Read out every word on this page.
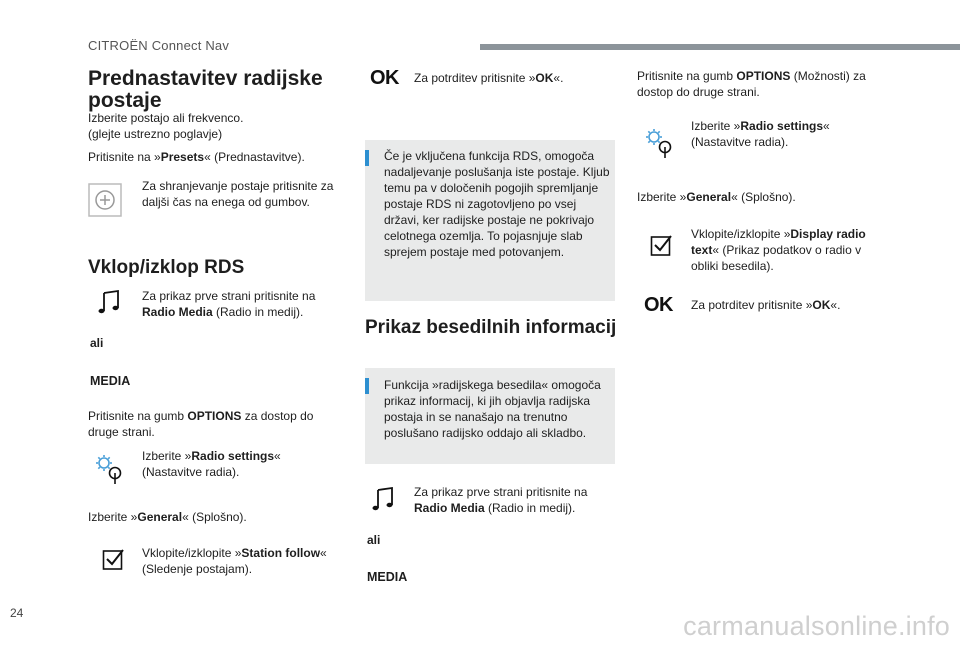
CITROËN Connect Nav
24	carmanualsonline.info
Prednastavitev radijske
postaje
Izberite postajo ali frekvenco.
(glejte ustrezno poglavje)
Pritisnite na »Presets« (Prednastavitve).
Za shranjevanje postaje pritisnite za
daljši čas na enega od gumbov.
Vklop/izklop RDS
Za prikaz prve strani pritisnite na
Radio Media (Radio in medij).
ali
MEDIA
Pritisnite na gumb OPTIONS za dostop do
druge strani.
Izberite »Radio settings«
(Nastavitve radia).
Izberite »General« (Splošno).
Vklopite/izklopite »Station follow«
(Sledenje postajam).
OK Za potrditev pritisnite »OK«.
Če je vključena funkcija RDS, omogoča
nadaljevanje poslušanja iste postaje. Kljub
temu pa v določenih pogojih spremljanje
postaje RDS ni zagotovljeno po vsej
državi, ker radijske postaje ne pokrivajo
celotnega ozemlja. To pojasnjuje slab
sprejem postaje med potovanjem.
Prikaz besedilnih informacij
Funkcija »radijskega besedila« omogoča
prikaz informacij, ki jih objavlja radijska
postaja in se nanašajo na trenutno
poslušano radijsko oddajo ali skladbo.
Za prikaz prve strani pritisnite na
Radio Media (Radio in medij).
ali
MEDIA
Pritisnite na gumb OPTIONS (Možnosti) za
dostop do druge strani.
Izberite »Radio settings«
(Nastavitve radia).
Izberite »General« (Splošno).
Vklopite/izklopite »Display radio
text« (Prikaz podatkov o radio v
obliki besedila).
OK Za potrditev pritisnite »OK«.
